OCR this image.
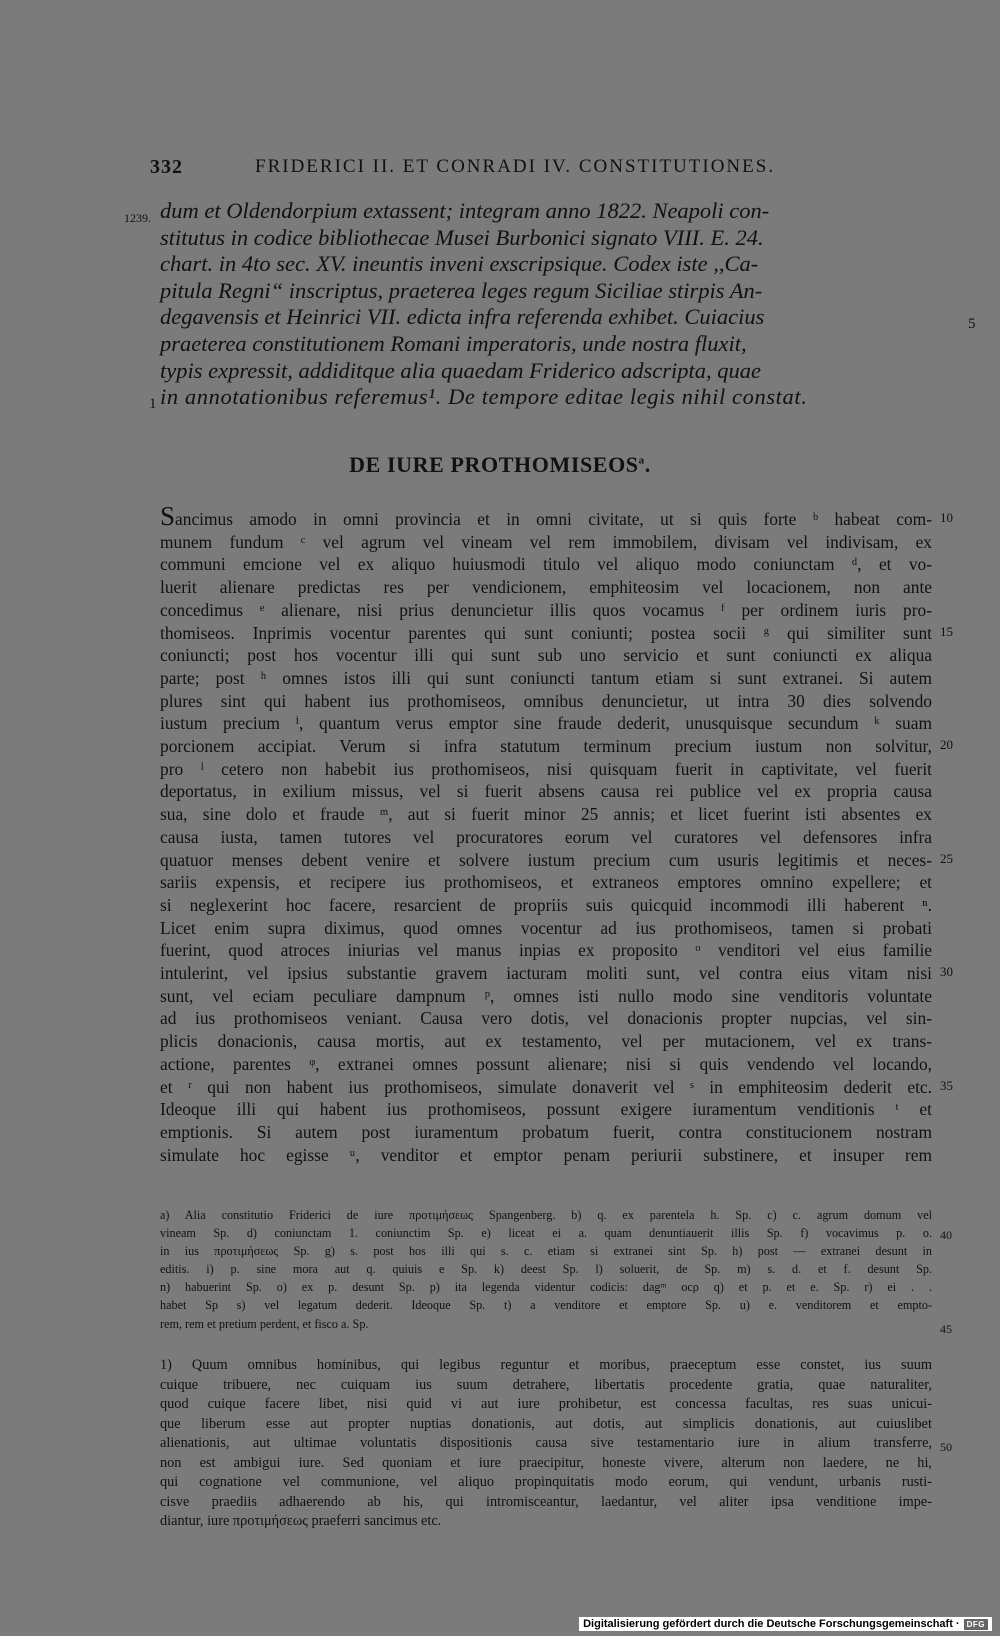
332	FRIDERICI II. ET CONRADI IV. CONSTITUTIONES.
1239. dum et Oldendorpium extassent; integram anno 1822. Neapoli con-
stitutus in codice bibliothecae Musei Burbonici signato VIII. E. 24.
chart. in 4to sec. XV. ineuntis inveni exscripsique. Codex iste ,,Ca-
pitula Regni“ inscriptus, praeterea leges regum Siciliae stirpis An-
degavensis et Heinrici VII. edicta infra referenda exhibet. Cuiacius
praeterea constitutionem Romani imperatoris, unde nostra fluxit,
typis expressit, addiditque alia quaedam Friderico adscripta, quae
in annotationibus referemus¹. De tempore editae legis nihil constat.
5
1
DE IURE PROTHOMISEOS$^a$.
Sancimus amodo in omni provincia et in omni civitate, ut si quis forte ᵇ habeat com-
munem fundum ᶜ vel agrum vel vineam vel rem immobilem, divisam vel indivisam, ex
communi emcione vel ex aliquo huiusmodi titulo vel aliquo modo coniunctam ᵈ, et vo-
luerit alienare predictas res per vendicionem, emphiteosim vel locacionem, non ante
concedimus ᵉ alienare, nisi prius denuncietur illis quos vocamus ᶠ per ordinem iuris pro-
thomiseos. Inprimis vocentur parentes qui sunt coniunti; postea socii ᵍ qui similiter sunt
coniuncti; post hos vocentur illi qui sunt sub uno servicio et sunt coniuncti ex aliqua
parte; post ʰ omnes istos illi qui sunt coniuncti tantum etiam si sunt extranei. Si autem
plures sint qui habent ius prothomiseos, omnibus denuncietur, ut intra 30 dies solvendo
iustum precium ⁱ, quantum verus emptor sine fraude dederit, unusquisque secundum ᵏ suam
porcionem accipiat. Verum si infra statutum terminum precium iustum non solvitur,
pro ˡ cetero non habebit ius prothomiseos, nisi quisquam fuerit in captivitate, vel fuerit
deportatus, in exilium missus, vel si fuerit absens causa rei publice vel ex propria causa
sua, sine dolo et fraude ᵐ, aut si fuerit minor 25 annis; et licet fuerint isti absentes ex
causa iusta, tamen tutores vel procuratores eorum vel curatores vel defensores infra
quatuor menses debent venire et solvere iustum precium cum usuris legitimis et neces-
sariis expensis, et recipere ius prothomiseos, et extraneos emptores omnino expellere; et
si neglexerint hoc facere, resarcient de propriis suis quicquid incommodi illi haberent ⁿ.
Licet enim supra diximus, quod omnes vocentur ad ius prothomiseos, tamen si probati
fuerint, quod atroces iniurias vel manus inpias ex proposito ᵒ venditori vel eius familie
intulerint, vel ipsius substantie gravem iacturam moliti sunt, vel contra eius vitam nisi
sunt, vel eciam peculiare dampnum ᵖ, omnes isti nullo modo sine venditoris voluntate
ad ius prothomiseos veniant. Causa vero dotis, vel donacionis propter nupcias, vel sin-
plicis donacionis, causa mortis, aut ex testamento, vel per mutacionem, vel ex trans-
actione, parentes ᵠ, extranei omnes possunt alienare; nisi si quis vendendo vel locando,
et ʳ qui non habent ius prothomiseos, simulate donaverit vel ˢ in emphiteosim dederit etc.
Ideoque illi qui habent ius prothomiseos, possunt exigere iuramentum venditionis ᵗ et
emptionis. Si autem post iuramentum probatum fuerit, contra constitucionem nostram
simulate hoc egisse ᵘ, venditor et emptor penam periurii substinere, et insuper rem
10
15
20
25
30
35
a) Alia constitutio Friderici de iure προτιμήσεως Spangenberg. b) q. ex parentela h. Sp. c) c. agrum domum vel
vineam Sp. d) coniunctam 1. coniunctim Sp. e) liceat ei a. quam denuntiauerit illis Sp. f) vocavimus p. o.
in ius προτιμήσεως Sp. g) s. post hos illi qui s. c. etiam si extranei sint Sp. h) post — extranei desunt in
editis. i) p. sine mora aut q. quiuis e Sp. k) deest Sp. l) soluerit, de Sp. m) s. d. et f. desunt Sp.
n) habuerint Sp. o) ex p. desunt Sp. p) ita legenda videntur codicis: dagᵐ ocρ q) et p. et e. Sp. r) ei . .
habet Sp s) vel legatum dederit. Ideoque Sp. t) a venditore et emptore Sp. u) e. venditorem et empto-
rem, rem et pretium perdent, et fisco a. Sp.
40
45
1) Quum omnibus hominibus, qui legibus reguntur et moribus, praeceptum esse constet, ius suum
cuique tribuere, nec cuiquam ius suum detrahere, libertatis procedente gratia, quae naturaliter,
quod cuique facere libet, nisi quid vi aut iure prohibetur, est concessa facultas, res suas unicui-
que liberum esse aut propter nuptias donationis, aut dotis, aut simplicis donationis, aut cuiuslibet
alienationis, aut ultimae voluntatis dispositionis causa sive testamentario iure in alium transferre,
non est ambigui iure. Sed quoniam et iure praecipitur, honeste vivere, alterum non laedere, ne hi,
qui cognatione vel communione, vel aliquo propinquitatis modo eorum, qui vendunt, urbanis rusti-
cisve praediis adhaerendo ab his, qui intromisceantur, laedantur, vel aliter ipsa venditione impe-
diantur, iure προτιμήσεως praeferri sancimus etc.
50
Digitalisierung gefördert durch die Deutsche Forschungsgemeinschaft · DFG
